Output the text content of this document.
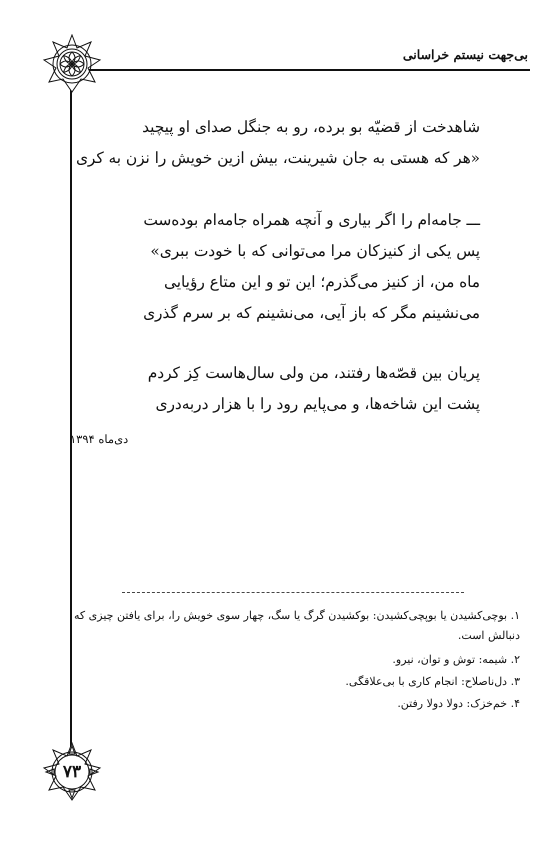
بی‌جهت نیستم خراسانی
شاهدخت از قضیّه بو برده، رو به جنگل صدای او پیچید
«هر که هستی به جان شیرینت، بیش ازین خویش را نزن به کری
ـــ جامه‌ام را اگر بیاری و آنچه همراه جامه‌ام بوده‌ست
پس یکی از کنیزکان مرا می‌توانی که با خودت ببری»
ماه من، از کنیز می‌گذرم؛ این تو و این متاع رؤیایی
می‌نشینم مگر که باز آیی، می‌نشینم که بر سرم گذری
پریان بین قصّه‌ها رفتند، من ولی سال‌هاست کِز کردم
پشت این شاخه‌ها، و می‌پایم رود را با هزار دربه‌دری
دی‌ماه ۱۳۹۴
۱. بوچی‌کشیدن یا بوپچی‌کشیدن: بوکشیدن گرگ یا سگ، چهار سوی خویش را، برای یافتن چیزی که دنبالش است.
۲. شیمه: توش و توان، نیرو.
۳. دل‌ناصلاح: انجام کاری با بی‌علاقگی.
۴. خم‌خزک: دولا دولا رفتن.
۷۳
